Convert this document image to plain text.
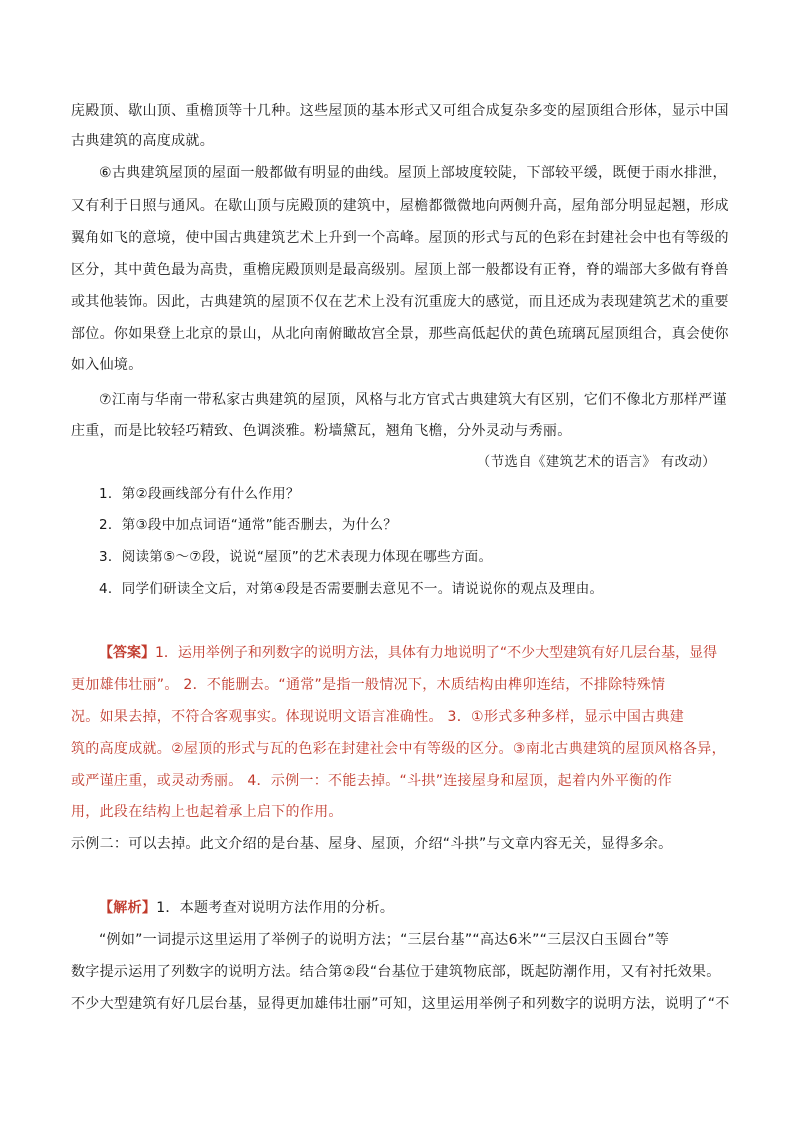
庑殿顶、歇山顶、重檐顶等十几种。这些屋顶的基本形式又可组合成复杂多变的屋顶组合形体，显示中国
古典建筑的高度成就。
⑥古典建筑屋顶的屋面一般都做有明显的曲线。屋顶上部坡度较陡，下部较平缓，既便于雨水排泄，
又有利于日照与通风。在歇山顶与庑殿顶的建筑中，屋檐都微微地向两侧升高，屋角部分明显起翘，形成
翼角如飞的意境，使中国古典建筑艺术上升到一个高峰。屋顶的形式与瓦的色彩在封建社会中也有等级的
区分，其中黄色最为高贵，重檐庑殿顶则是最高级别。屋顶上部一般都设有正脊，脊的端部大多做有脊兽
或其他装饰。因此，古典建筑的屋顶不仅在艺术上没有沉重庞大的感觉，而且还成为表现建筑艺术的重要
部位。你如果登上北京的景山，从北向南俯瞰故宫全景，那些高低起伏的黄色琉璃瓦屋顶组合，真会使你
如入仙境。
⑦江南与华南一带私家古典建筑的屋顶，风格与北方官式古典建筑大有区别，它们不像北方那样严谨
庄重，而是比较轻巧精致、色调淡雅。粉墙黛瓦，翘角飞檐，分外灵动与秀丽。
（节选自《建筑艺术的语言》 有改动）
1．第②段画线部分有什么作用？
2．第③段中加点词语“通常”能否删去，为什么？
3．阅读第⑤～⑦段，说说“屋顶”的艺术表现力体现在哪些方面。
4．同学们研读全文后，对第④段是否需要删去意见不一。请说说你的观点及理由。
【答案】1．运用举例子和列数字的说明方法，具体有力地说明了“不少大型建筑有好几层台基，显得
更加雄伟壮丽”。 2．不能删去。“通常”是指一般情况下，木质结构由榫卯连结，不排除特殊情
况。如果去掉，不符合客观事实。体现说明文语言准确性。 3．①形式多种多样，显示中国古典建
筑的高度成就。②屋顶的形式与瓦的色彩在封建社会中有等级的区分。③南北古典建筑的屋顶风格各异，
或严谨庄重，或灵动秀丽。 4．示例一：不能去掉。“斗拱”连接屋身和屋顶，起着内外平衡的作
用，此段在结构上也起着承上启下的作用。
示例二：可以去掉。此文介绍的是台基、屋身、屋顶，介绍“斗拱”与文章内容无关，显得多余。
【解析】1．本题考查对说明方法作用的分析。
“例如”一词提示这里运用了举例子的说明方法；“三层台基”“高达6米”“三层汉白玉圆台”等
数字提示运用了列数字的说明方法。结合第②段“台基位于建筑物底部，既起防潮作用，又有衬托效果。
不少大型建筑有好几层台基，显得更加雄伟壮丽”可知，这里运用举例子和列数字的说明方法，说明了“不
